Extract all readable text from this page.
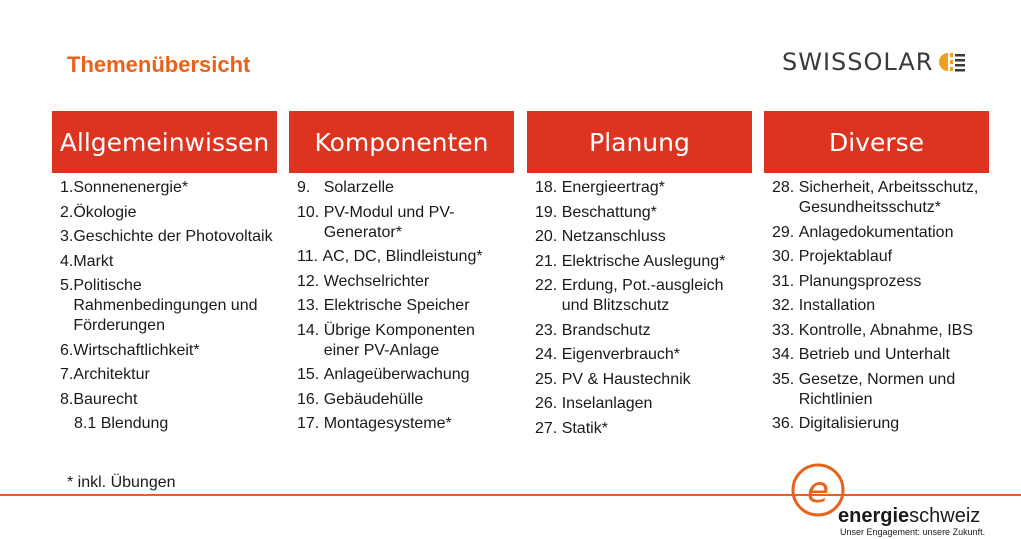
Themenübersicht	SWISSOLAR
Allgemeinwissen
1. Sonnenenergie*
2. Ökologie
3. Geschichte der Photovoltaik
4. Markt
5. Politische Rahmenbedingungen und Förderungen
6. Wirtschaftlichkeit*
7. Architektur
8. Baurecht
8.1 Blendung
Komponenten
9. Solarzelle
10. PV-Modul und PV-Generator*
11. AC, DC, Blindleistung*
12. Wechselrichter
13. Elektrische Speicher
14. Übrige Komponenten einer PV-Anlage
15. Anlageüberwachung
16. Gebäudehülle
17. Montagesysteme*
Planung
18. Energieertrag*
19. Beschattung*
20. Netzanschluss
21. Elektrische Auslegung*
22. Erdung, Pot.-ausgleich und Blitzschutz
23. Brandschutz
24. Eigenverbrauch*
25. PV & Haustechnik
26. Inselanlagen
27. Statik*
Diverse
28. Sicherheit, Arbeitsschutz, Gesundheitsschutz*
29. Anlagedokumentation
30. Projektablauf
31. Planungsprozess
32. Installation
33. Kontrolle, Abnahme, IBS
34. Betrieb und Unterhalt
35. Gesetze, Normen und Richtlinien
36. Digitalisierung
* inkl. Übungen	e
energieschweiz
Unser Engagement: unsere Zukunft.
